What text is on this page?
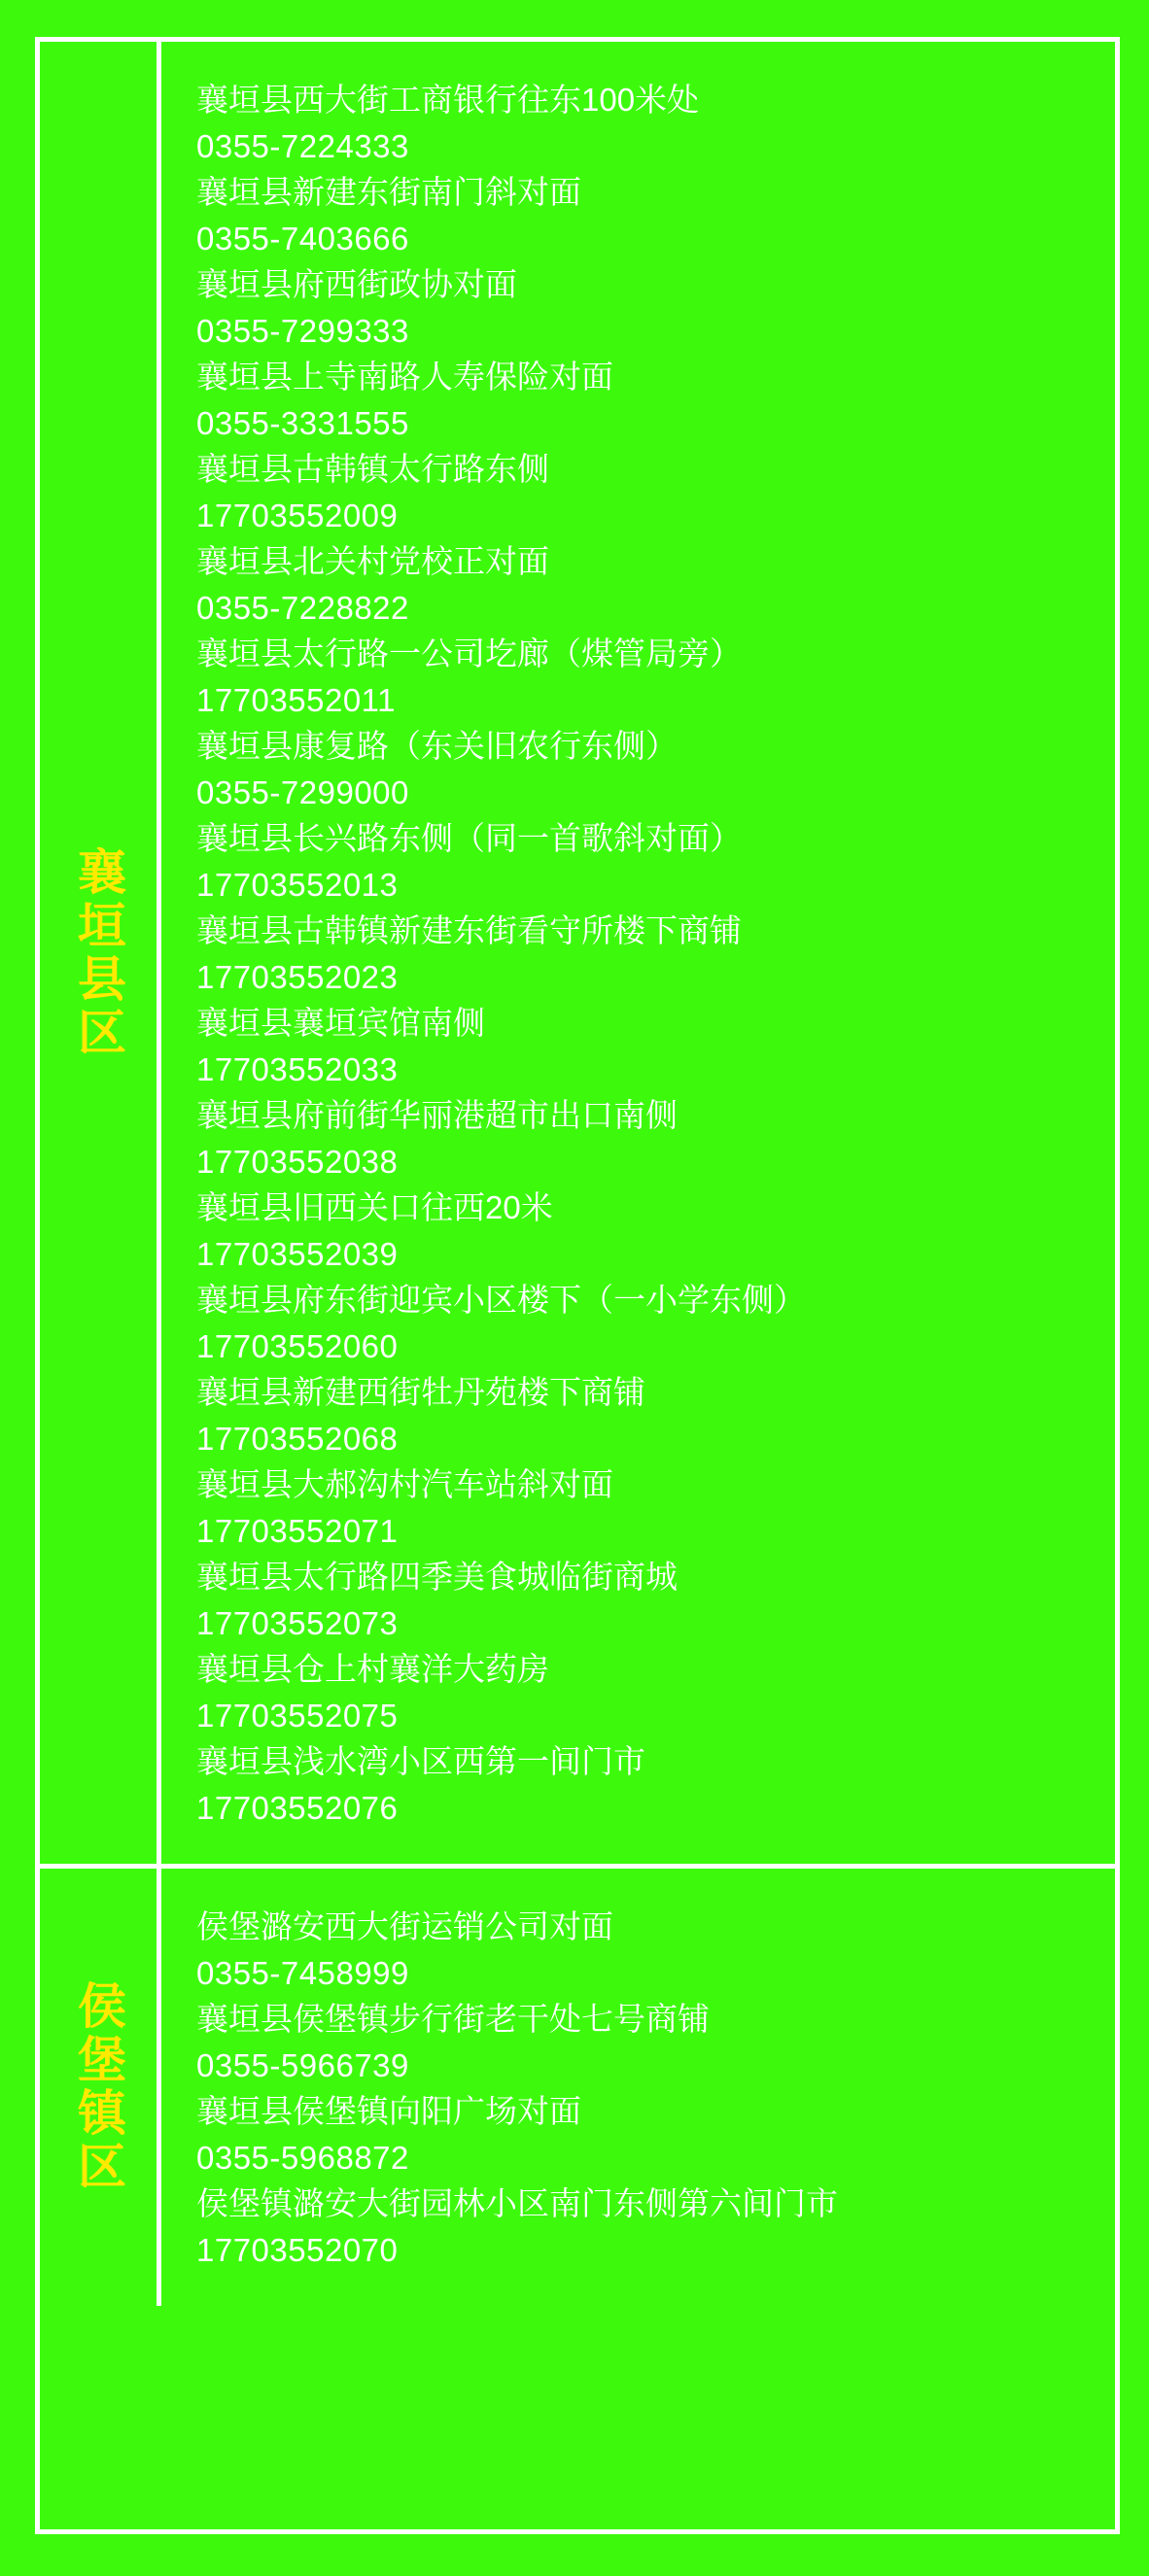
襄垣县区
襄垣县西大街工商银行往东100米处
0355-7224333
襄垣县新建东街南门斜对面
0355-7403666
襄垣县府西街政协对面
0355-7299333
襄垣县上寺南路人寿保险对面
0355-3331555
襄垣县古韩镇太行路东侧
17703552009
襄垣县北关村党校正对面
0355-7228822
襄垣县太行路一公司圪廊（煤管局旁）
17703552011
襄垣县康复路（东关旧农行东侧）
0355-7299000
襄垣县长兴路东侧（同一首歌斜对面）
17703552013
襄垣县古韩镇新建东街看守所楼下商铺
17703552023
襄垣县襄垣宾馆南侧
17703552033
襄垣县府前街华丽港超市出口南侧
17703552038
襄垣县旧西关口往西20米
17703552039
襄垣县府东街迎宾小区楼下（一小学东侧）
17703552060
襄垣县新建西街牡丹苑楼下商铺
17703552068
襄垣县大郝沟村汽车站斜对面
17703552071
襄垣县太行路四季美食城临街商城
17703552073
襄垣县仓上村襄洋大药房
17703552075
襄垣县浅水湾小区西第一间门市
17703552076
侯堡镇区
侯堡潞安西大街运销公司对面
0355-7458999
襄垣县侯堡镇步行街老干处七号商铺
0355-5966739
襄垣县侯堡镇向阳广场对面
0355-5968872
侯堡镇潞安大街园林小区南门东侧第六间门市
17703552070
